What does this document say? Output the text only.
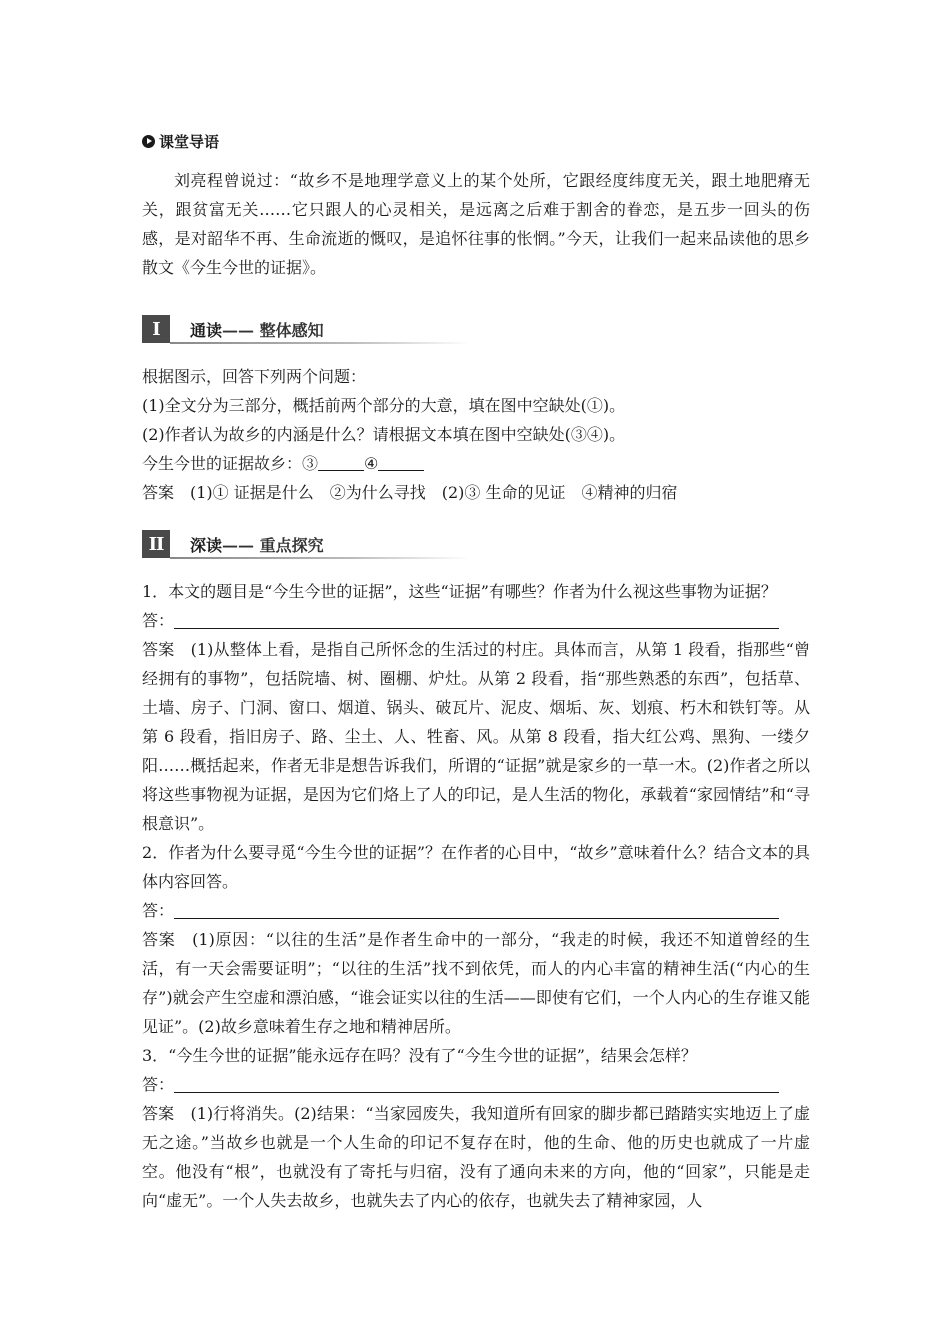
课堂导语

刘亮程曾说过：“故乡不是地理学意义上的某个处所，它跟经度纬度无关，跟土地肥瘠无关，跟贫富无关……它只跟人的心灵相关，是远离之后难于割舍的眷恋，是五步一回头的伤感，是对韶华不再、生命流逝的慨叹，是追怀往事的怅惘。”今天，让我们一起来品读他的思乡散文《今生今世的证据》。

I	通读 —— 整体感知

根据图示，回答下列两个问题：

(1)全文分为三部分，概括前两个部分的大意，填在图中空缺处(①)。

(2)作者认为故乡的内涵是什么？请根据文本填在图中空缺处(③④)。

今生今世的证据故乡：③	④

答案　(1)① 证据是什么　②为什么寻找　(2)③ 生命的见证　④精神的归宿

II	深读 —— 重点探究

1．本文的题目是“今生今世的证据”，这些“证据”有哪些？作者为什么视这些事物为证据？

答：

答案　(1)从整体上看，是指自己所怀念的生活过的村庄。具体而言，从第 1 段看，指那些“曾经拥有的事物”，包括院墙、树、圈棚、炉灶。从第 2 段看，指“那些熟悉的东西”，包括草、土墙、房子、门洞、窗口、烟道、锅头、破瓦片、泥皮、烟垢、灰、划痕、朽木和铁钉等。从第 6 段看，指旧房子、路、尘土、人、牲畜、风。从第 8 段看，指大红公鸡、黑狗、一缕夕阳……概括起来，作者无非是想告诉我们，所谓的“证据”就是家乡的一草一木。(2)作者之所以将这些事物视为证据，是因为它们烙上了人的印记，是人生活的物化，承载着“家园情结”和“寻根意识”。

2．作者为什么要寻觅“今生今世的证据”？在作者的心目中，“故乡”意味着什么？结合文本的具体内容回答。

答：

答案　(1)原因：“以往的生活”是作者生命中的一部分，“我走的时候，我还不知道曾经的生活，有一天会需要证明”；“以往的生活”找不到依凭，而人的内心丰富的精神生活(“内心的生存”)就会产生空虚和漂泊感，“谁会证实以往的生活——即使有它们，一个人内心的生存谁又能见证”。(2)故乡意味着生存之地和精神居所。

3．“今生今世的证据”能永远存在吗？没有了“今生今世的证据”，结果会怎样？

答：

答案　(1)行将消失。(2)结果：“当家园废失，我知道所有回家的脚步都已踏踏实实地迈上了虚无之途。”当故乡也就是一个人生命的印记不复存在时，他的生命、他的历史也就成了一片虚空。他没有“根”，也就没有了寄托与归宿，没有了通向未来的方向，他的“回家”，只能是走向“虚无”。一个人失去故乡，也就失去了内心的依存，也就失去了精神家园，人
